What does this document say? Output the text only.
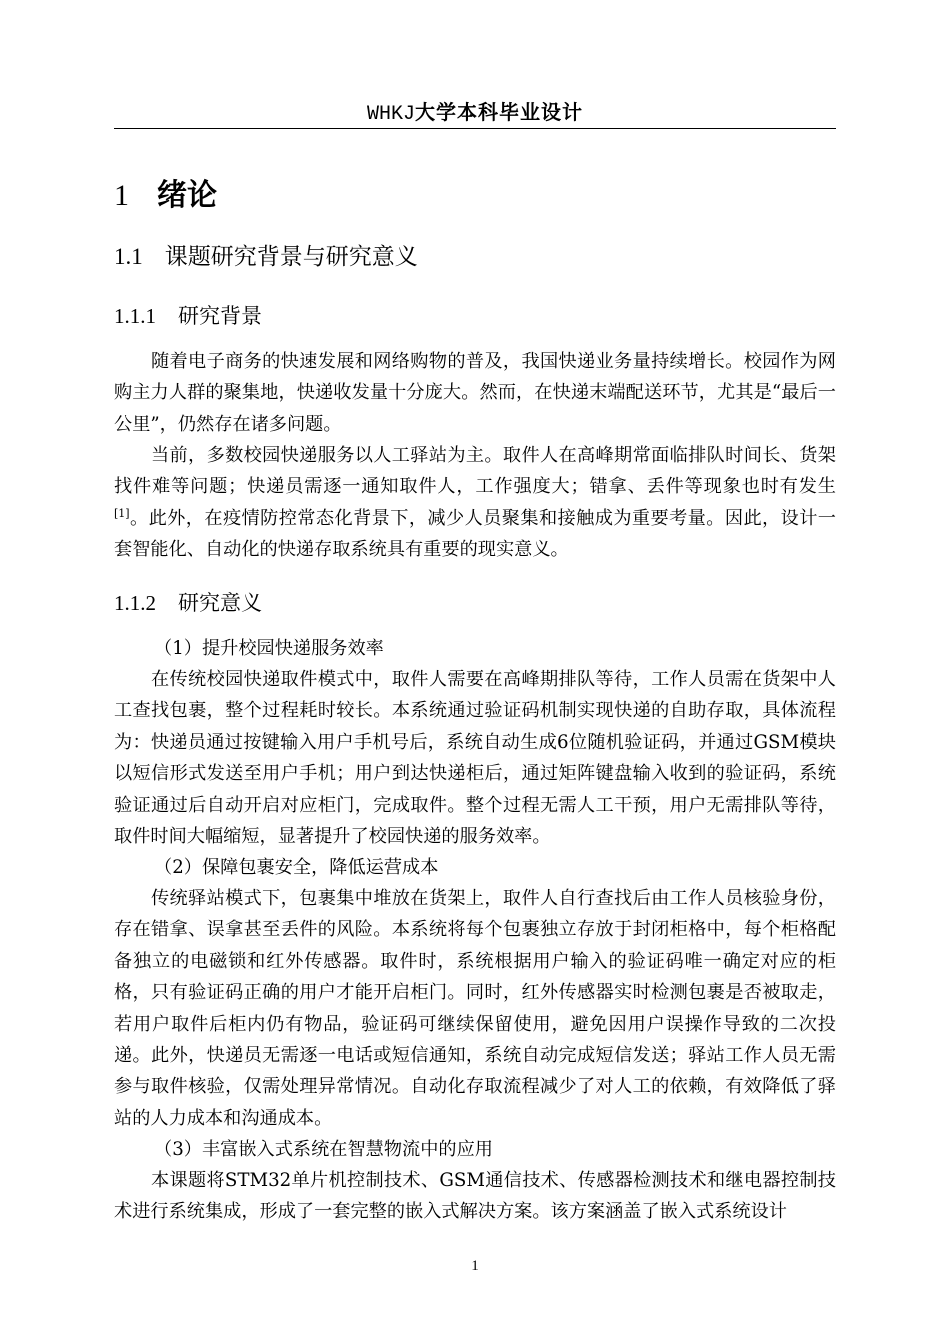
WHKJ大学本科毕业设计
1 绪论
1.1 课题研究背景与研究意义
1.1.1 研究背景
随着电子商务的快速发展和网络购物的普及，我国快递业务量持续增长。校园作为网购主力人群的聚集地，快递收发量十分庞大。然而，在快递末端配送环节，尤其是“最后一公里”，仍然存在诸多问题。
当前，多数校园快递服务以人工驿站为主。取件人在高峰期常面临排队时间长、货架找件难等问题；快递员需逐一通知取件人，工作强度大；错拿、丢件等现象也时有发生[1]。此外，在疫情防控常态化背景下，减少人员聚集和接触成为重要考量。因此，设计一套智能化、自动化的快递存取系统具有重要的现实意义。
1.1.2 研究意义
（1）提升校园快递服务效率
在传统校园快递取件模式中，取件人需要在高峰期排队等待，工作人员需在货架中人工查找包裹，整个过程耗时较长。本系统通过验证码机制实现快递的自助存取，具体流程为：快递员通过按键输入用户手机号后，系统自动生成6位随机验证码，并通过GSM模块以短信形式发送至用户手机；用户到达快递柜后，通过矩阵键盘输入收到的验证码，系统验证通过后自动开启对应柜门，完成取件。整个过程无需人工干预，用户无需排队等待，取件时间大幅缩短，显著提升了校园快递的服务效率。
（2）保障包裹安全，降低运营成本
传统驿站模式下，包裹集中堆放在货架上，取件人自行查找后由工作人员核验身份，存在错拿、误拿甚至丢件的风险。本系统将每个包裹独立存放于封闭柜格中，每个柜格配备独立的电磁锁和红外传感器。取件时，系统根据用户输入的验证码唯一确定对应的柜格，只有验证码正确的用户才能开启柜门。同时，红外传感器实时检测包裹是否被取走，若用户取件后柜内仍有物品，验证码可继续保留使用，避免因用户误操作导致的二次投递。此外，快递员无需逐一电话或短信通知，系统自动完成短信发送；驿站工作人员无需参与取件核验，仅需处理异常情况。自动化存取流程减少了对人工的依赖，有效降低了驿站的人力成本和沟通成本。
（3）丰富嵌入式系统在智慧物流中的应用
本课题将STM32单片机控制技术、GSM通信技术、传感器检测技术和继电器控制技术进行系统集成，形成了一套完整的嵌入式解决方案。该方案涵盖了嵌入式系统设计
1
